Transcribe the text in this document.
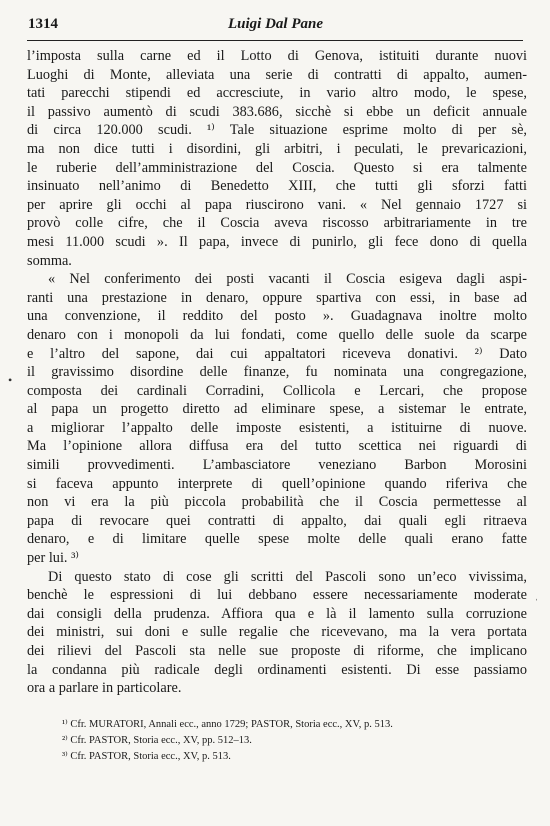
1314	Luigi Dal Pane
l’imposta sulla carne ed il Lotto di Genova, istituiti durante nuovi
Luoghi di Monte, alleviata una serie di contratti di appalto, aumen-
tati parecchi stipendi ed accresciute, in vario altro modo, le spese,
il passivo aumentò di scudi 383.686, sicchè si ebbe un deficit annuale
di circa 120.000 scudi. ¹⁾ Tale situazione esprime molto di per sè,
ma non dice tutti i disordini, gli arbitri, i peculati, le prevaricazioni,
le ruberie dell’amministrazione del Coscia. Questo si era talmente
insinuato nell’animo di Benedetto XIII, che tutti gli sforzi fatti
per aprire gli occhi al papa riuscirono vani. « Nel gennaio 1727 si
provò colle cifre, che il Coscia aveva riscosso arbitrariamente in tre
mesi 11.000 scudi ». Il papa, invece di punirlo, gli fece dono di quella
somma.
« Nel conferimento dei posti vacanti il Coscia esigeva dagli aspi-
ranti una prestazione in denaro, oppure spartiva con essi, in base ad
una convenzione, il reddito del posto ». Guadagnava inoltre molto
denaro con i monopoli da lui fondati, come quello delle suole da scarpe
e l’altro del sapone, dai cui appaltatori riceveva donativi. ²⁾ Dato
il gravissimo disordine delle finanze, fu nominata una congregazione,
composta dei cardinali Corradini, Collicola e Lercari, che propose
al papa un progetto diretto ad eliminare spese, a sistemar le entrate,
a migliorar l’appalto delle imposte esistenti, a istituirne di nuove.
Ma l’opinione allora diffusa era del tutto scettica nei riguardi di
simili provvedimenti. L’ambasciatore veneziano Barbon Morosini
si faceva appunto interprete di quell’opinione quando riferiva che
non vi era la più piccola probabilità che il Coscia permettesse al
papa di revocare quei contratti di appalto, dai quali egli ritraeva
denaro, e di limitare quelle spese molte delle quali erano fatte
per lui. ³⁾
Di questo stato di cose gli scritti del Pascoli sono un’eco vivissima,
benchè le espressioni di lui debbano essere necessariamente moderate
dai consigli della prudenza. Affiora qua e là il lamento sulla corruzione
dei ministri, sui doni e sulle regalie che ricevevano, ma la vera portata
dei rilievi del Pascoli sta nelle sue proposte di riforme, che implicano
la condanna più radicale degli ordinamenti esistenti. Di esse passiamo
ora a parlare in particolare.
¹⁾ Cfr. MURATORI, Annali ecc., anno 1729; PASTOR, Storia ecc., XV, p. 513.
²⁾ Cfr. PASTOR, Storia ecc., XV, pp. 512–13.
³⁾ Cfr. PASTOR, Storia ecc., XV, p. 513.
•
ˈ
